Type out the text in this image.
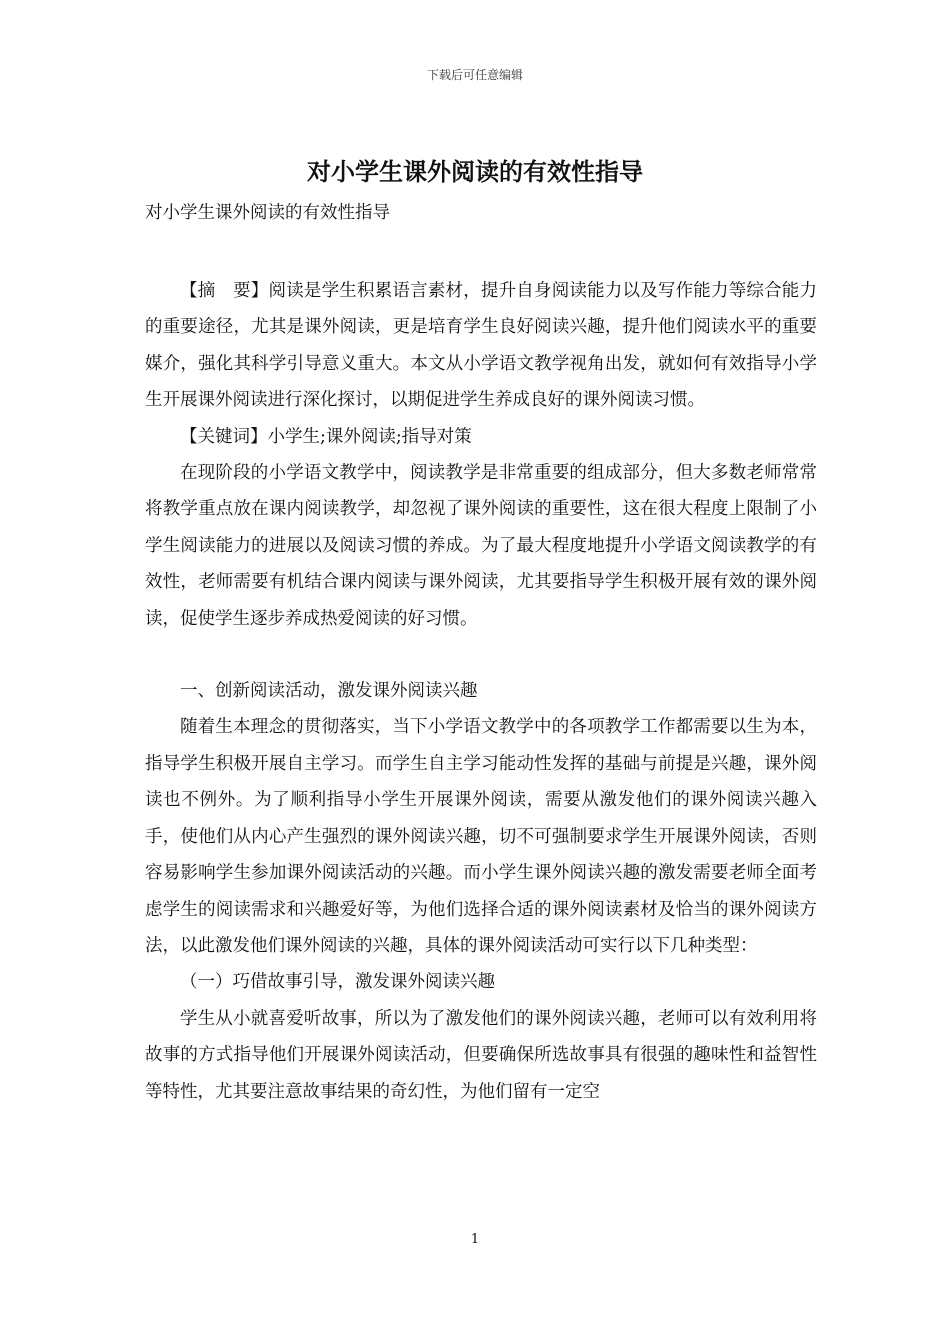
下载后可任意编辑
对小学生课外阅读的有效性指导
对小学生课外阅读的有效性指导

【摘　要】阅读是学生积累语言素材，提升自身阅读能力以及写作能力等综合能力的重要途径，尤其是课外阅读，更是培育学生良好阅读兴趣，提升他们阅读水平的重要媒介，强化其科学引导意义重大。本文从小学语文教学视角出发，就如何有效指导小学生开展课外阅读进行深化探讨，以期促进学生养成良好的课外阅读习惯。

【关键词】小学生;课外阅读;指导对策

在现阶段的小学语文教学中，阅读教学是非常重要的组成部分，但大多数老师常常将教学重点放在课内阅读教学，却忽视了课外阅读的重要性，这在很大程度上限制了小学生阅读能力的进展以及阅读习惯的养成。为了最大程度地提升小学语文阅读教学的有效性，老师需要有机结合课内阅读与课外阅读，尤其要指导学生积极开展有效的课外阅读，促使学生逐步养成热爱阅读的好习惯。

一、创新阅读活动，激发课外阅读兴趣

随着生本理念的贯彻落实，当下小学语文教学中的各项教学工作都需要以生为本，指导学生积极开展自主学习。而学生自主学习能动性发挥的基础与前提是兴趣，课外阅读也不例外。为了顺利指导小学生开展课外阅读，需要从激发他们的课外阅读兴趣入手，使他们从内心产生强烈的课外阅读兴趣，切不可强制要求学生开展课外阅读，否则容易影响学生参加课外阅读活动的兴趣。而小学生课外阅读兴趣的激发需要老师全面考虑学生的阅读需求和兴趣爱好等，为他们选择合适的课外阅读素材及恰当的课外阅读方法，以此激发他们课外阅读的兴趣，具体的课外阅读活动可实行以下几种类型：

（一）巧借故事引导，激发课外阅读兴趣

学生从小就喜爱听故事，所以为了激发他们的课外阅读兴趣，老师可以有效利用将故事的方式指导他们开展课外阅读活动，但要确保所选故事具有很强的趣味性和益智性等特性，尤其要注意故事结果的奇幻性，为他们留有一定空

1
